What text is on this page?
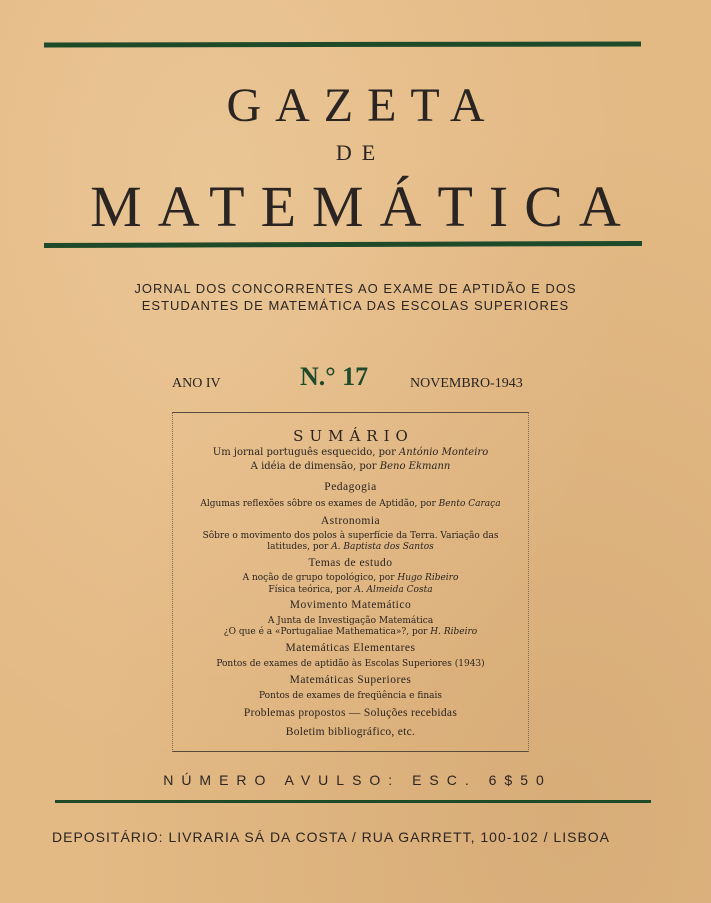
GAZETA
DE
MATEMÁTICA
JORNAL DOS CONCORRENTES AO EXAME DE APTIDÃO E DOS
ESTUDANTES DE MATEMÁTICA DAS ESCOLAS SUPERIORES
ANO IV	N.° 17	NOVEMBRO-1943
SUMÁRIO
Um jornal português esquecido, por António Monteiro
A idéia de dimensão, por Beno Ekmann
Pedagogia
Algumas reflexões sôbre os exames de Aptidão, por Bento Caraça
Astronomia
Sôbre o movimento dos polos à superfície da Terra. Variação das
latitudes, por A. Baptista dos Santos
Temas de estudo
A noção de grupo topológico, por Hugo Ribeiro
Física teórica, por A. Almeida Costa
Movimento Matemático
A Junta de Investigação Matemática
¿O que é a «Portugaliae Mathematica»?, por H. Ribeiro
Matemáticas Elementares
Pontos de exames de aptidão às Escolas Superiores (1943)
Matemáticas Superiores
Pontos de exames de freqüência e finais
Problemas propostos — Soluções recebidas
Boletim bibliográfico, etc.
NÚMERO AVULSO: ESC. 6$50
DEPOSITÁRIO: LIVRARIA SÁ DA COSTA / RUA GARRETT, 100-102 / LISBOA
